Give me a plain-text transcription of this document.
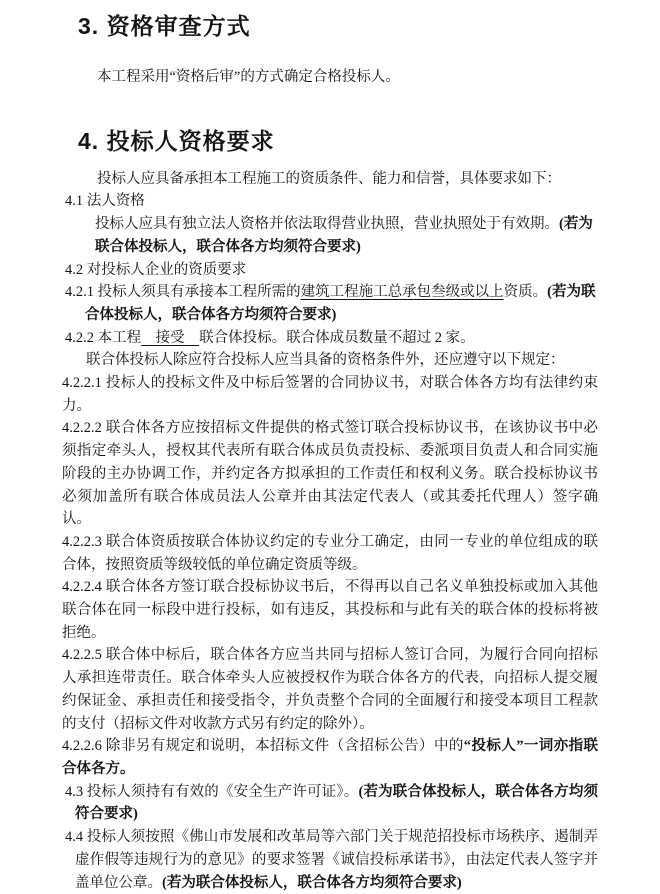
3. 资格审查方式
本工程采用“资格后审”的方式确定合格投标人。
4. 投标人资格要求
投标人应具备承担本工程施工的资质条件、能力和信誉，具体要求如下：
4.1 法人资格
投标人应具有独立法人资格并依法取得营业执照，营业执照处于有效期。(若为联合体投标人，联合体各方均须符合要求)
4.2 对投标人企业的资质要求
4.2.1 投标人须具有承接本工程所需的建筑工程施工总承包叁级或以上资质。(若为联合体投标人，联合体各方均须符合要求)
4.2.2 本工程　接受　联合体投标。联合体成员数量不超过 2 家。
联合体投标人除应符合投标人应当具备的资格条件外，还应遵守以下规定：
4.2.2.1 投标人的投标文件及中标后签署的合同协议书，对联合体各方均有法律约束力。
4.2.2.2 联合体各方应按招标文件提供的格式签订联合投标协议书，在该协议书中必须指定牵头人，授权其代表所有联合体成员负责投标、委派项目负责人和合同实施阶段的主办协调工作，并约定各方拟承担的工作责任和权利义务。联合投标协议书必须加盖所有联合体成员法人公章并由其法定代表人（或其委托代理人）签字确认。
4.2.2.3 联合体资质按联合体协议约定的专业分工确定，由同一专业的单位组成的联合体，按照资质等级较低的单位确定资质等级。
4.2.2.4 联合体各方签订联合投标协议书后，不得再以自己名义单独投标或加入其他联合体在同一标段中进行投标，如有违反，其投标和与此有关的联合体的投标将被拒绝。
4.2.2.5 联合体中标后，联合体各方应当共同与招标人签订合同，为履行合同向招标人承担连带责任。联合体牵头人应被授权作为联合体各方的代表，向招标人提交履约保证金、承担责任和接受指令，并负责整个合同的全面履行和接受本项目工程款的支付（招标文件对收款方式另有约定的除外）。
4.2.2.6 除非另有规定和说明，本招标文件（含招标公告）中的“投标人”一词亦指联合体各方。
4.3 投标人须持有有效的《安全生产许可证》。(若为联合体投标人，联合体各方均须符合要求)
4.4 投标人须按照《佛山市发展和改革局等六部门关于规范招投标市场秩序、遏制弄虚作假等违规行为的意见》的要求签署《诚信投标承诺书》，由法定代表人签字并盖单位公章。(若为联合体投标人，联合体各方均须符合要求)
